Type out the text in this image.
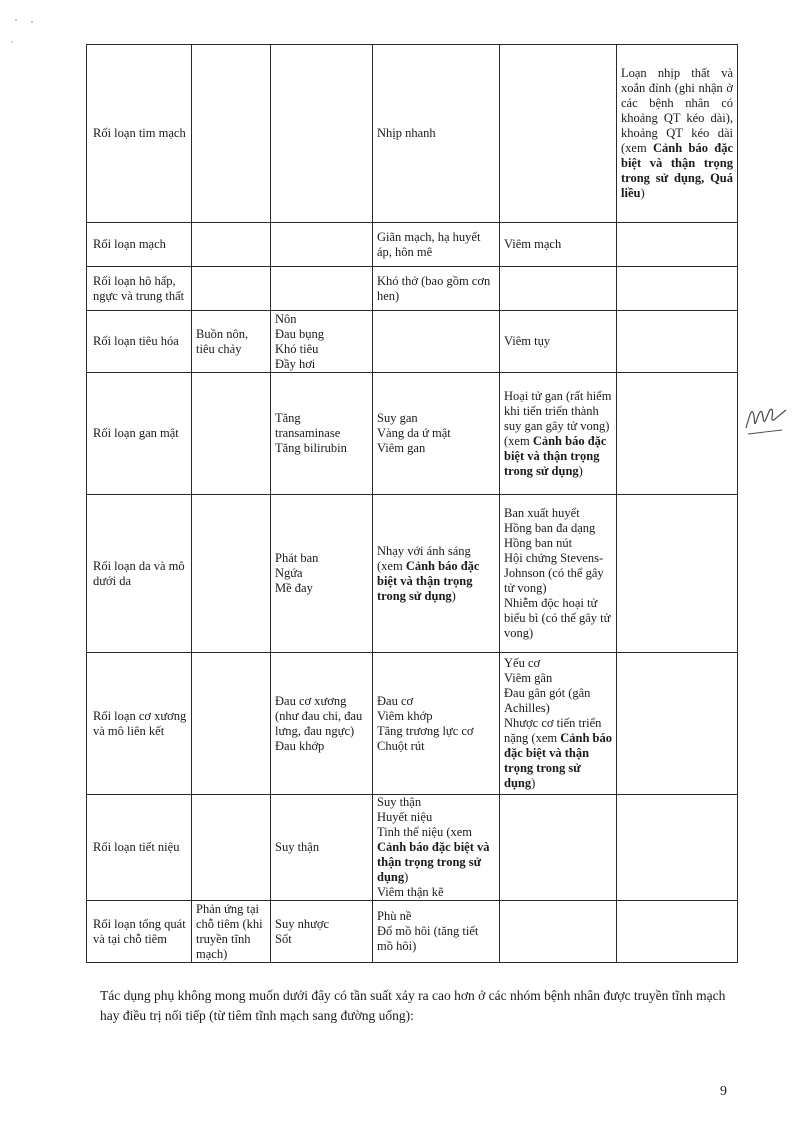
Rối loạn tim mạch			Nhịp nhanh		Loạn nhịp thất và xoắn đỉnh (ghi nhận ở các bệnh nhân có khoảng QT kéo dài), khoảng QT kéo dài (xem Cảnh báo đặc biệt và thận trọng trong sử dụng, Quá liều)

Rối loạn mạch			Giãn mạch, hạ huyết áp, hôn mê	Viêm mạch	

Rối loạn hô hấp, ngực và trung thất			Khó thở (bao gồm cơn hen)		

Rối loạn tiêu hóa	Buồn nôn, tiêu chảy	Nôn
Đau bụng
Khó tiêu
Đầy hơi		Viêm tụy	

Rối loạn gan mật		Tăng transaminase
Tăng bilirubin	Suy gan
Vàng da ứ mật
Viêm gan	Hoại tử gan (rất hiếm khi tiến triển thành suy gan gây tử vong)
(xem Cảnh báo đặc biệt và thận trọng trong sử dụng)	

Rối loạn da và mô dưới da		Phát ban
Ngứa
Mề đay	Nhạy với ánh sáng (xem Cảnh báo đặc biệt và thận trọng trong sử dụng)	Ban xuất huyết
Hồng ban đa dạng
Hồng ban nút
Hội chứng Stevens-Johnson (có thể gây tử vong)
Nhiễm độc hoại tử biểu bì (có thể gây tử vong)	

Rối loạn cơ xương và mô liên kết		Đau cơ xương (như đau chi, đau lưng, đau ngực)
Đau khớp	Đau cơ
Viêm khớp
Tăng trương lực cơ
Chuột rút	Yếu cơ
Viêm gân
Đau gân gót (gân Achilles)
Nhược cơ tiến triển nặng (xem Cảnh báo đặc biệt và thận trọng trong sử dụng)	

Rối loạn tiết niệu		Suy thận	Suy thận
Huyết niệu
Tinh thể niệu (xem Cảnh báo đặc biệt và thận trọng trong sử dụng)
Viêm thận kẽ		

Rối loạn tổng quát và tại chỗ tiêm	Phản ứng tại chỗ tiêm (khi truyền tĩnh mạch)	Suy nhược
Sốt	Phù nề
Đổ mồ hôi (tăng tiết mồ hôi)		

Tác dụng phụ không mong muốn dưới đây có tần suất xảy ra cao hơn ở các nhóm bệnh nhân được truyền tĩnh mạch hay điều trị nối tiếp (từ tiêm tĩnh mạch sang đường uống):

9
